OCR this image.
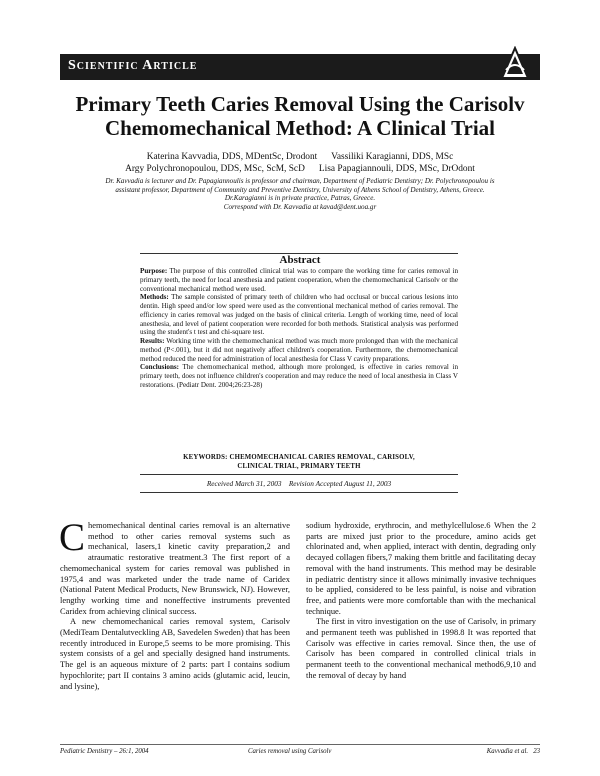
Scientific Article
Primary Teeth Caries Removal Using the Carisolv
Chemomechanical Method: A Clinical Trial
Katerina Kavvadia, DDS, MDentSc, Drodont      Vassiliki Karagianni, DDS, MSc
Argy Polychronopoulou, DDS, MSc, ScM, ScD      Lisa Papagiannouli, DDS, MSc, DrOdont
Dr. Kavvadia is lecturer and Dr. Papagiannoulis is professor and chairman, Department of Pediatric Dentistry; Dr. Polychronopoulou is
assistant professor, Department of Community and Preventive Dentistry, University of Athens School of Dentistry, Athens, Greece.
Dr.Karagianni is in private practice, Patras, Greece.
Correspond with Dr. Kavvadia at kavad@dent.uoa.gr
Abstract

Purpose: The purpose of this controlled clinical trial was to compare the working time for caries removal in primary teeth, the need for local anesthesia and patient cooperation, when the chemomechanical Carisolv or the conventional mechanical method were used.

Methods: The sample consisted of primary teeth of children who had occlusal or buccal carious lesions into dentin. High speed and/or low speed were used as the conventional mechanical method of caries removal. The efficiency in caries removal was judged on the basis of clinical criteria. Length of working time, need of local anesthesia, and level of patient cooperation were recorded for both methods. Statistical analysis was performed using the student's t test and chi-square test.

Results: Working time with the chemomechanical method was much more prolonged than with the mechanical method (P<.001), but it did not negatively affect children's cooperation. Furthermore, the chemomechanical method reduced the need for administration of local anesthesia for Class V cavity preparations.

Conclusions: The chemomechanical method, although more prolonged, is effective in caries removal in primary teeth, does not influence children's cooperation and may reduce the need of local anesthesia in Class V restorations. (Pediatr Dent. 2004;26:23-28)

KEYWORDS: CHEMOMECHANICAL CARIES REMOVAL, CARISOLV,
CLINICAL TRIAL, PRIMARY TEETH
Received March 31, 2003    Revision Accepted August 11, 2003

Chemomechanical dentinal caries removal is an alternative method to other caries removal systems such as mechanical, lasers,1 kinetic cavity preparation,2 and atraumatic restorative treatment.3 The first report of a chemomechanical system for caries removal was published in 1975,4 and was marketed under the trade name of Caridex (National Patent Medical Products, New Brunswick, NJ). However, lengthy working time and noneffective instruments prevented Caridex from achieving clinical success.

A new chemomechanical caries removal system, Carisolv (MediTeam Dentalutveckling AB, Savedelen Sweden) that has been recently introduced in Europe,5 seems to be more promising. This system consists of a gel and specially designed hand instruments. The gel is an aqueous mixture of 2 parts: part I contains sodium hypochlorite; part II contains 3 amino acids (glutamic acid, leucin, and lysine),

sodium hydroxide, erythrocin, and methylcellulose.6 When the 2 parts are mixed just prior to the procedure, amino acids get chlorinated and, when applied, interact with dentin, degrading only decayed collagen fibers,7 making them brittle and facilitating decay removal with the hand instruments. This method may be desirable in pediatric dentistry since it allows minimally invasive techniques to be applied, considered to be less painful, is noise and vibration free, and patients were more comfortable than with the mechanical technique.

The first in vitro investigation on the use of Carisolv, in primary and permanent teeth was published in 1998.8 It was reported that Carisolv was effective in caries removal. Since then, the use of Carisolv has been compared in controlled clinical trials in permanent teeth to the conventional mechanical method6,9,10 and the removal of decay by hand

Pediatric Dentistry – 26:1, 2004	Caries removal using Carisolv	Kavvadia et al.   23
